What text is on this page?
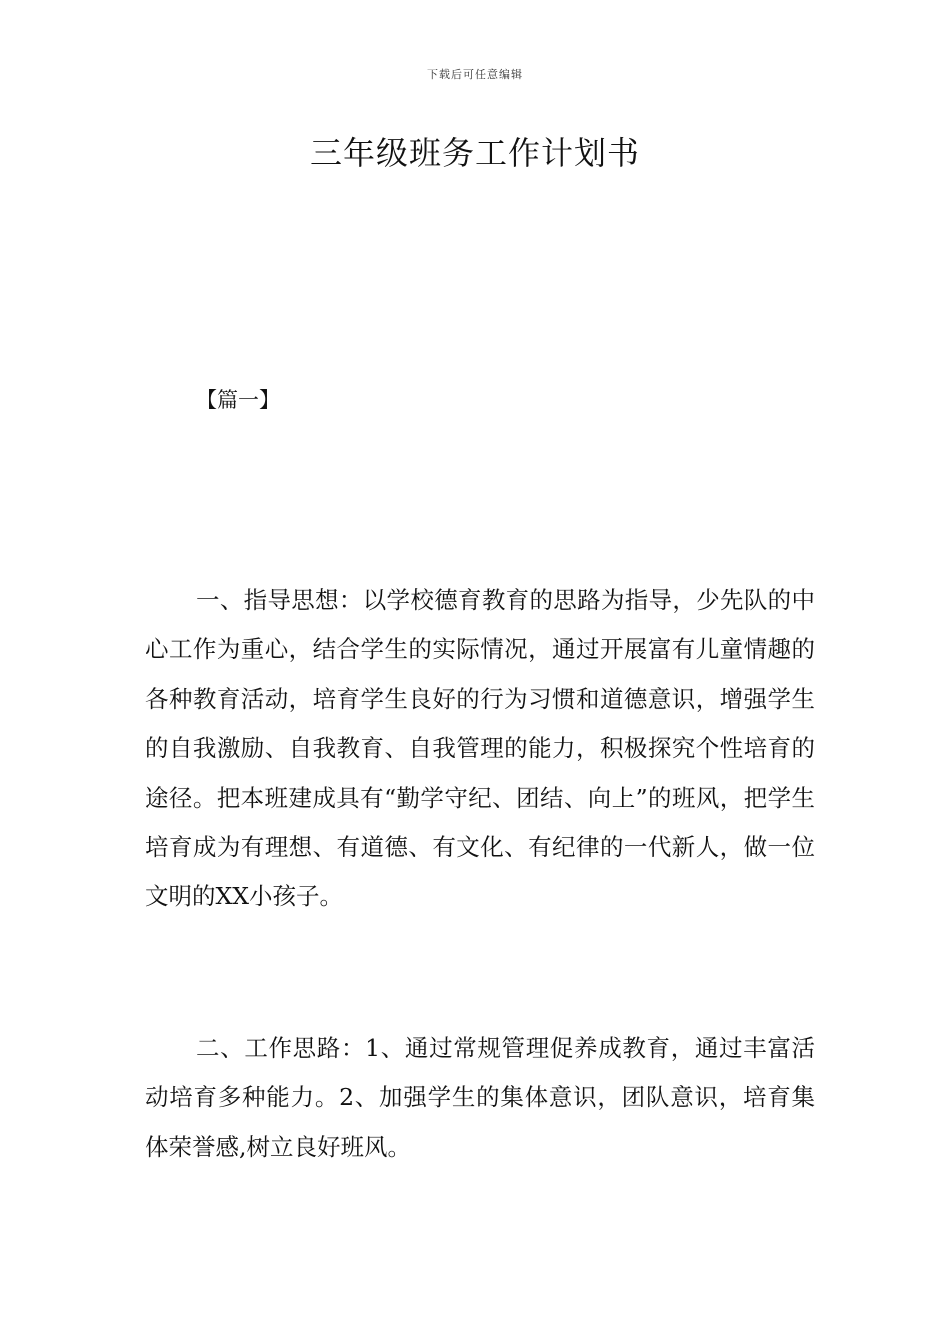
下载后可任意编辑
三年级班务工作计划书
【篇一】

一、指导思想：以学校德育教育的思路为指导，少先队的中心工作为重心，结合学生的实际情况，通过开展富有儿童情趣的各种教育活动，培育学生良好的行为习惯和道德意识，增强学生的自我激励、自我教育、自我管理的能力，积极探究个性培育的途径。把本班建成具有“勤学守纪、团结、向上”的班风，把学生培育成为有理想、有道德、有文化、有纪律的一代新人，做一位文明的XX小孩子。

二、工作思路：1、通过常规管理促养成教育，通过丰富活动培育多种能力。2、加强学生的集体意识，团队意识，培育集体荣誉感,树立良好班风。
